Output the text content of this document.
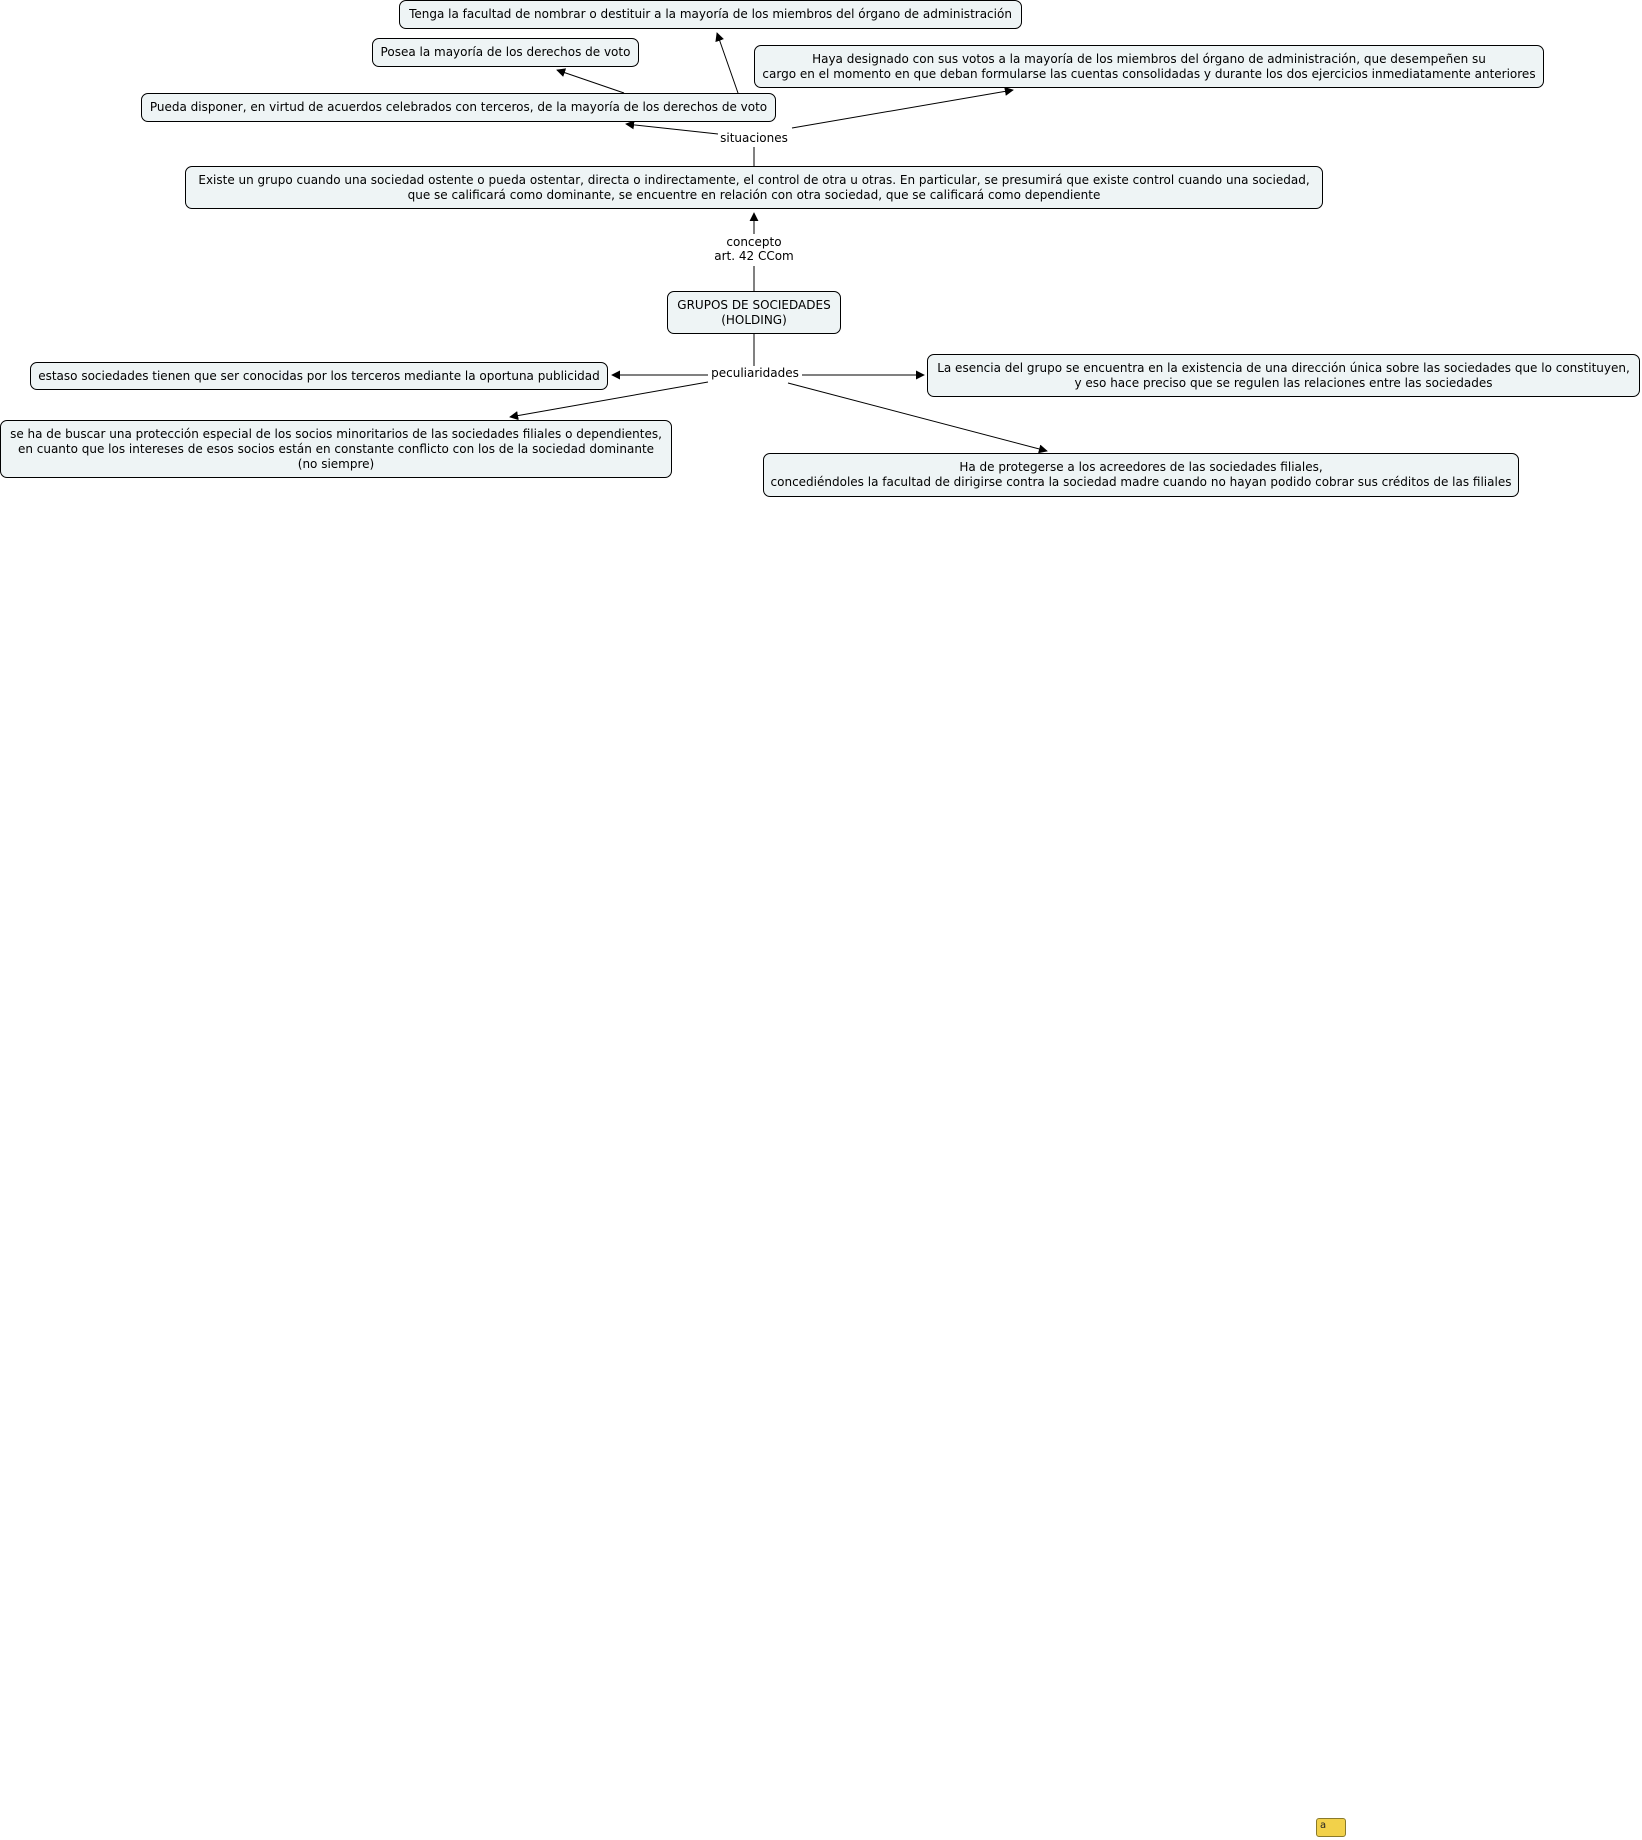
Tenga la facultad de nombrar o destituir a la mayoría de los miembros del órgano de administración
Posea la mayoría de los derechos de voto	Haya designado con sus votos a la mayoría de los miembros del órgano de administración, que desempeñen su
cargo en el momento en que deban formularse las cuentas consolidadas y durante los dos ejercicios inmediatamente anteriores
Pueda disponer, en virtud de acuerdos celebrados con terceros, de la mayoría de los derechos de voto
Existe un grupo cuando una sociedad ostente o pueda ostentar, directa o indirectamente, el control de otra u otras. En particular, se presumirá que existe control cuando una sociedad,
que se calificará como dominante, se encuentre en relación con otra sociedad, que se calificará como dependiente
GRUPOS DE SOCIEDADES
(HOLDING)
estaso sociedades tienen que ser conocidas por los terceros mediante la oportuna publicidad
La esencia del grupo se encuentra en la existencia de una dirección única sobre las sociedades que lo constituyen,
y eso hace preciso que se regulen las relaciones entre las sociedades
se ha de buscar una protección especial de los socios minoritarios de las sociedades filiales o dependientes,
en cuanto que los intereses de esos socios están en constante conflicto con los de la sociedad dominante
(no siempre)	Ha de protegerse a los acreedores de las sociedades filiales,
concediéndoles la facultad de dirigirse contra la sociedad madre cuando no hayan podido cobrar sus créditos de las filiales
concepto
art. 42 CCom
situaciones
peculiaridades
a
